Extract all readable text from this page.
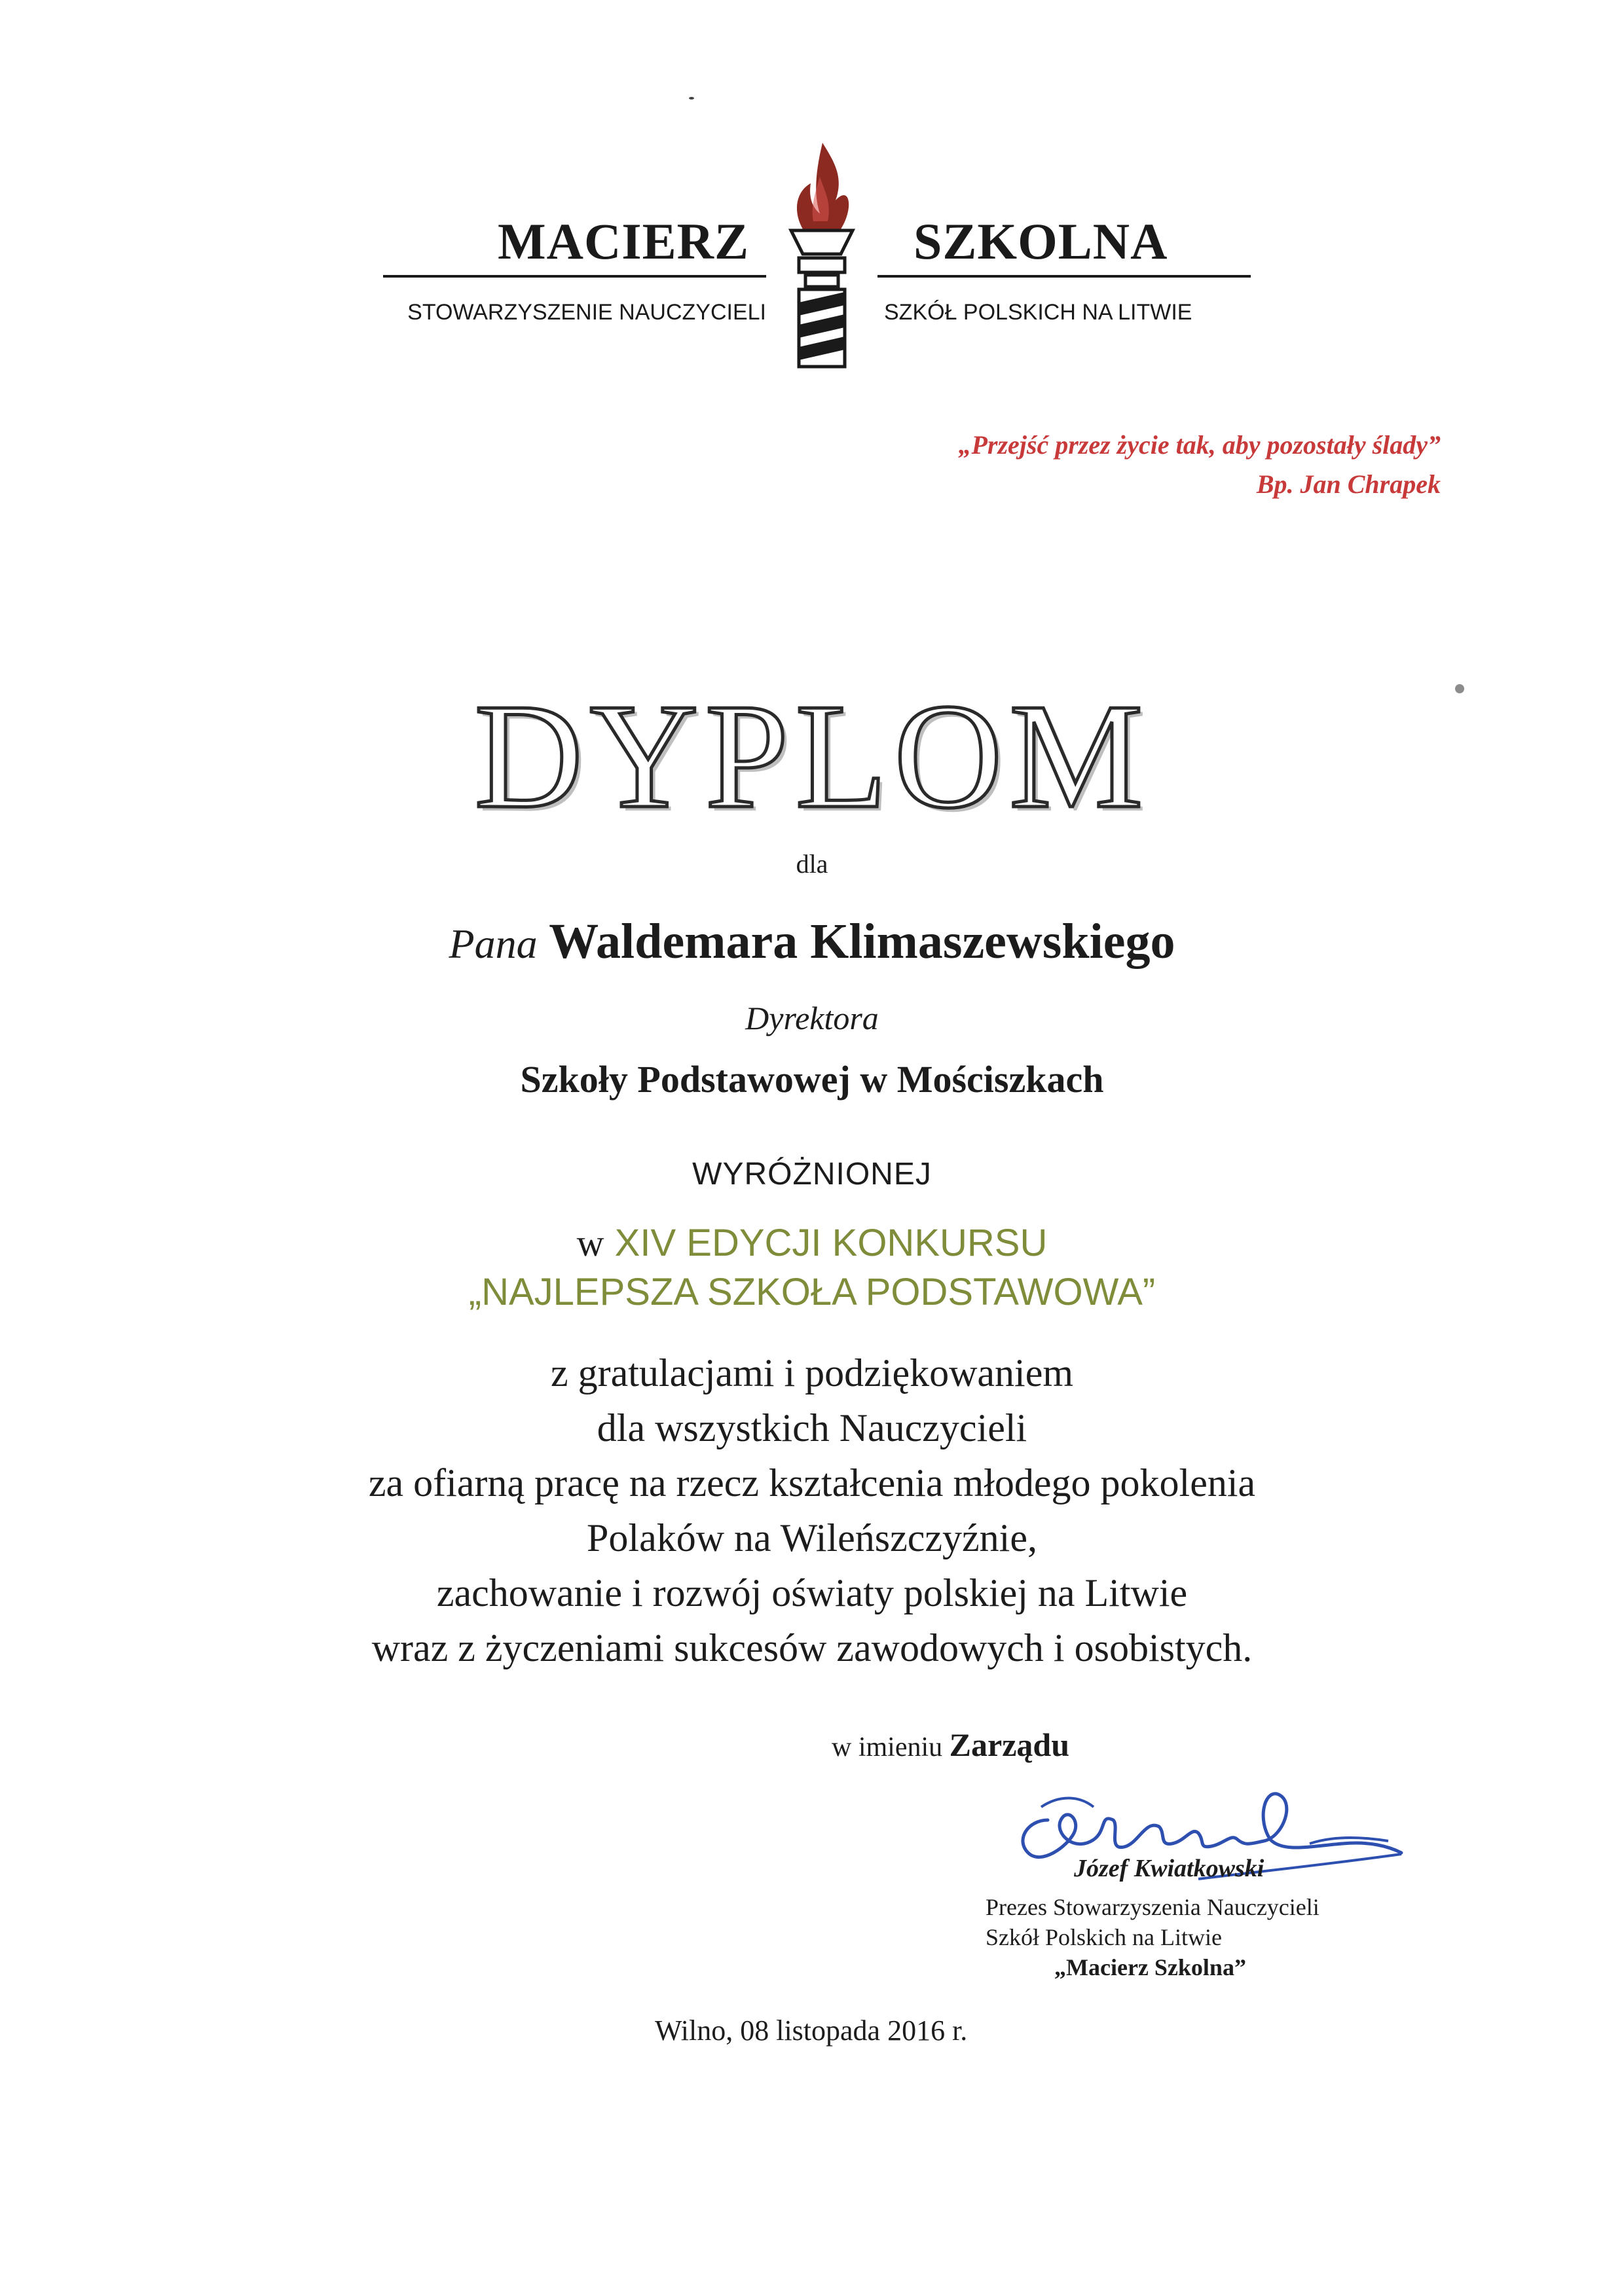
MACIERZ	SZKOLNA
STOWARZYSZENIE NAUCZYCIELI	SZKÓŁ POLSKICH NA LITWIE
„Przejść przez życie tak, aby pozostały ślady”
Bp. Jan Chrapek
DYPLOM
dla
Pana Waldemara Klimaszewskiego
Dyrektora
Szkoły Podstawowej w Mościszkach
WYRÓŻNIONEJ
w XIV EDYCJI KONKURSU
„NAJLEPSZA SZKOŁA PODSTAWOWA”
z gratulacjami i podziękowaniem
dla wszystkich Nauczycieli
za ofiarną pracę na rzecz kształcenia młodego pokolenia
Polaków na Wileńszczyźnie,
zachowanie i rozwój oświaty polskiej na Litwie
wraz z życzeniami sukcesów zawodowych i osobistych.
w imieniu Zarządu
Józef Kwiatkowski
Prezes Stowarzyszenia Nauczycieli
Szkół Polskich na Litwie
„Macierz Szkolna”
Wilno, 08 listopada 2016 r.
